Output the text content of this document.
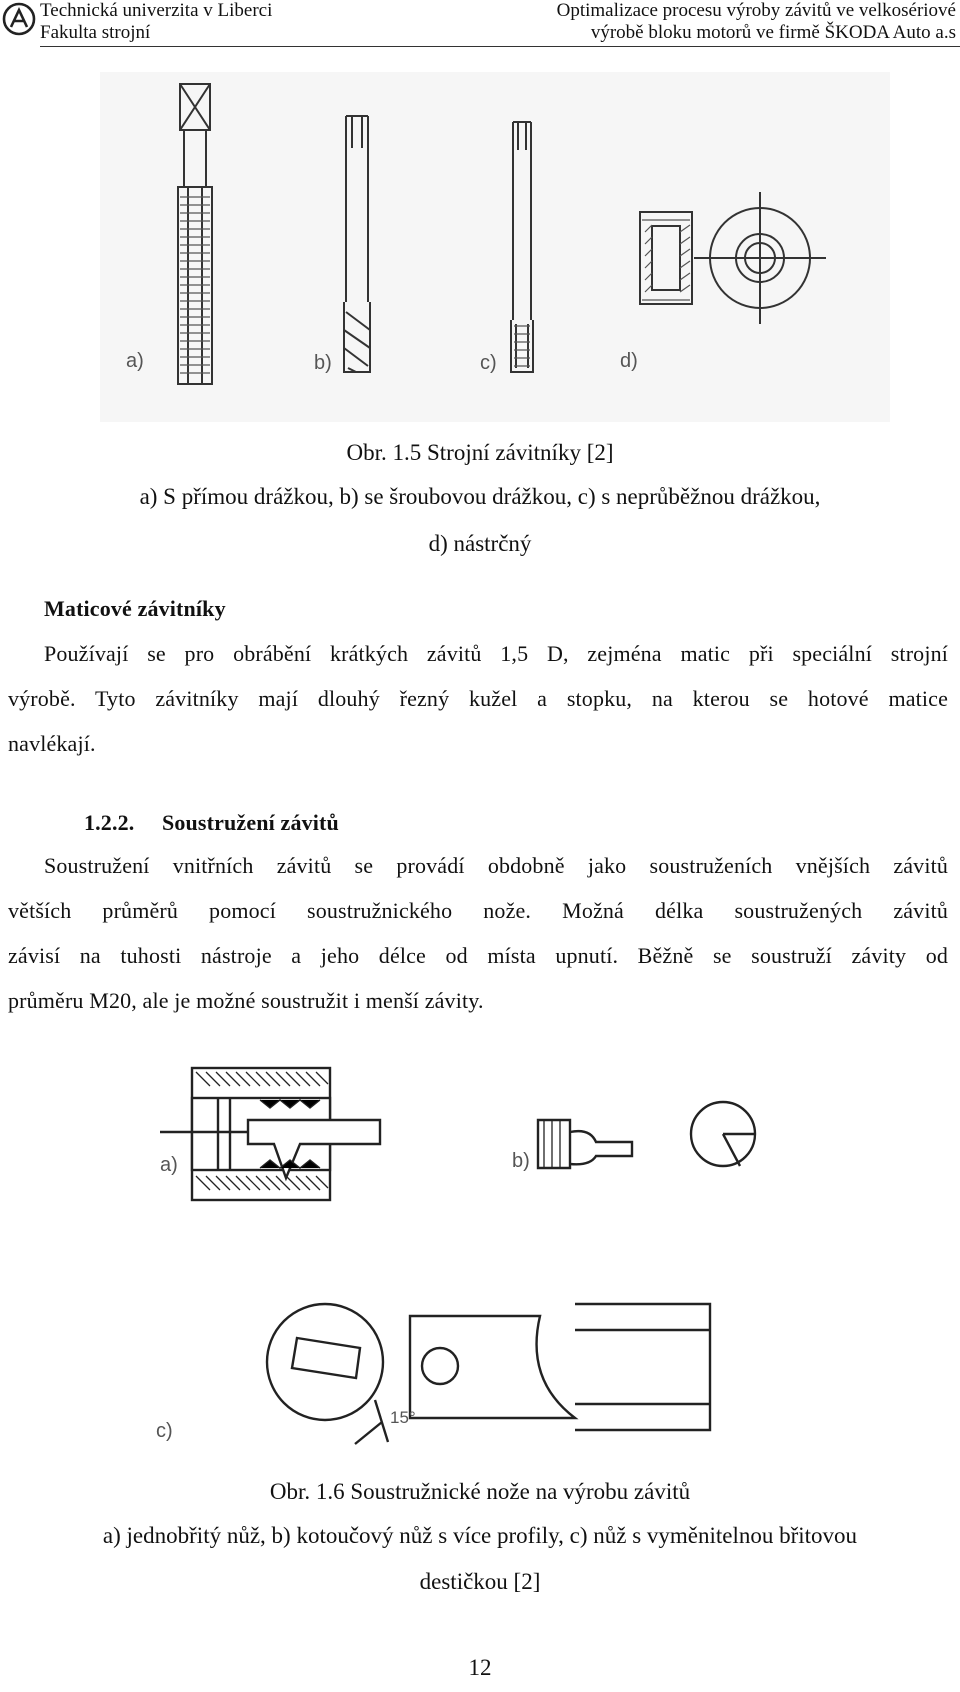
Technická univerzita v Liberci
Fakulta strojní
Optimalizace procesu výroby závitů ve velkosériové
výrobě bloku motorů ve firmě ŠKODA Auto a.s
a)	b)	c)	d)
Obr. 1.5 Strojní závitníky [2]
a) S přímou drážkou, b) se šroubovou drážkou, c) s neprůběžnou drážkou,
d) nástrčný
Maticové závitníky
Používají se pro obrábění krátkých závitů 1,5 D, zejména matic při speciální strojní
výrobě. Tyto závitníky mají dlouhý řezný kužel a stopku, na kterou se hotové matice
navlékají.
1.2.2. Soustružení závitů
Soustružení vnitřních závitů se provádí obdobně jako soustruženích vnějších závitů
větších průměrů pomocí soustružnického nože. Možná délka soustružených závitů
závisí na tuhosti nástroje a jeho délce od místa upnutí. Běžně se soustruží závity od
průměru M20, ale je možné soustružit i menší závity.
a)	b)
c)
15°
Obr. 1.6 Soustružnické nože na výrobu závitů
a) jednobřitý nůž, b) kotoučový nůž s více profily, c) nůž s vyměnitelnou břitovou
destičkou [2]
12
